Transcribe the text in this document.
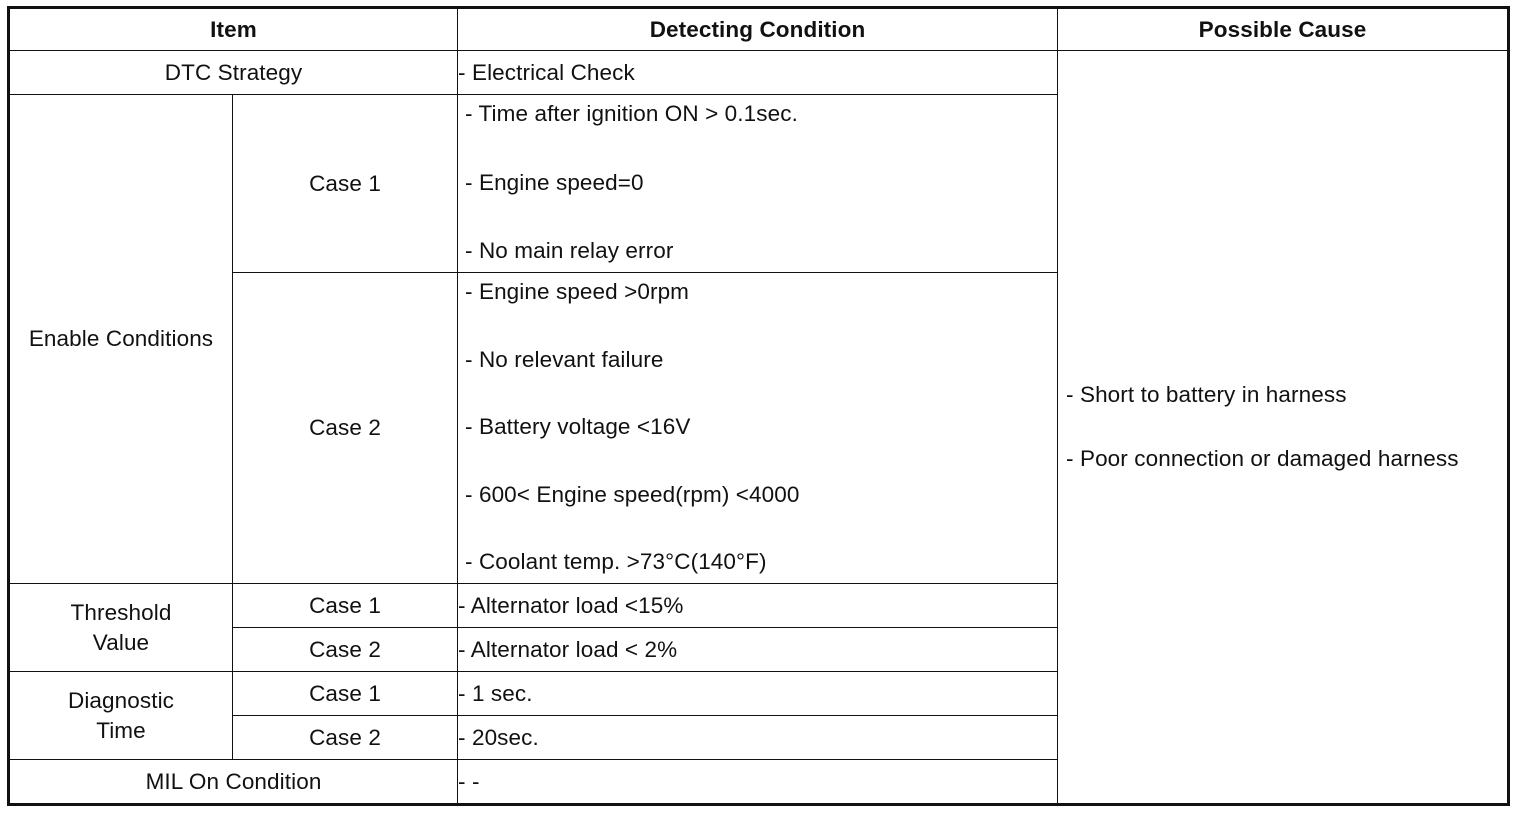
Item		Detecting Condition	Possible Cause
DTC Strategy		- Electrical Check	- Short to battery in harness
- Poor connection or damaged harness

Enable Conditions	Case 1	- Time after ignition ON > 0.1sec.
- Engine speed=0
- No main relay error	

	Case 2	- Engine speed >0rpm
- No relevant failure
- Battery voltage <16V
- 600< Engine speed(rpm) <4000
- Coolant temp. >73°C(140°F)	

Threshold
Value	Case 1	- Alternator load <15%	
	Case 2	- Alternator load < 2%	

Diagnostic
Time	Case 1	- 1 sec.	
	Case 2	- 20sec.	
MIL On Condition		- -	
